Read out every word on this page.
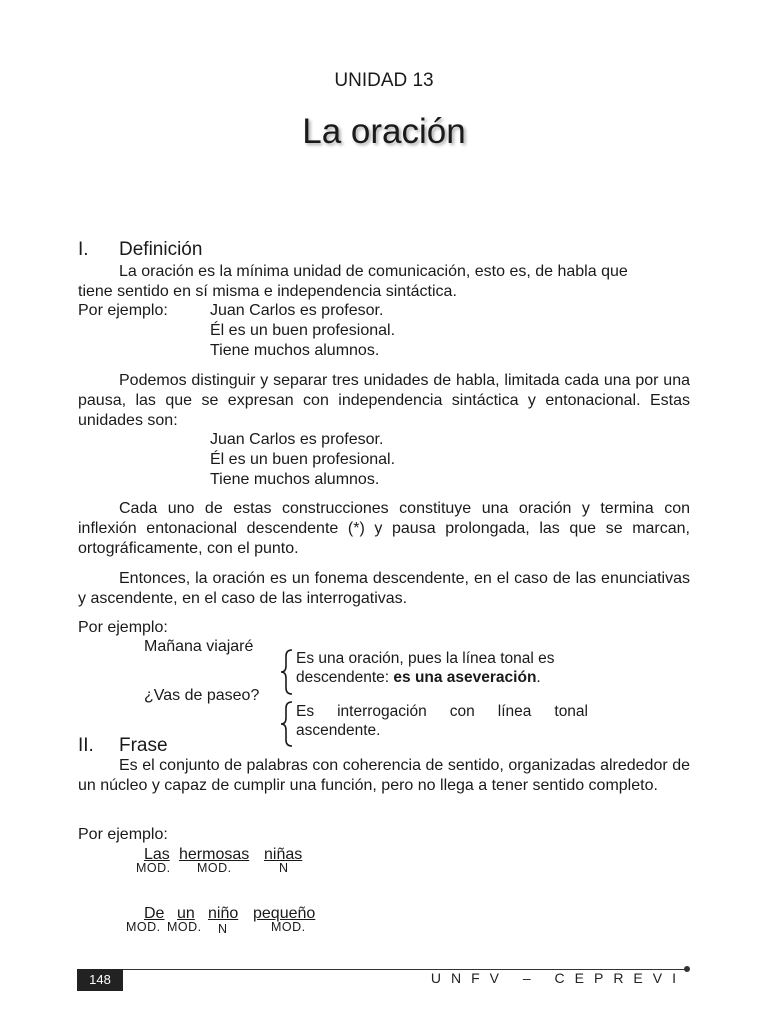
UNIDAD 13
La oración
I. Definición
La oración es la mínima unidad de comunicación, esto es, de habla que
tiene sentido en sí misma e independencia sintáctica.
Por ejemplo:	Juan Carlos es profesor.
Él es un buen profesional.
Tiene muchos alumnos.
Podemos distinguir y separar tres unidades de habla, limitada cada una por una pausa, las que se expresan con independencia sintáctica y entonacional. Estas unidades son:
Juan Carlos es profesor.
Él es un buen profesional.
Tiene muchos alumnos.
Cada uno de estas construcciones constituye una oración y termina con inflexión entonacional descendente (*) y pausa prolongada, las que se marcan, ortográficamente, con el punto.
Entonces, la oración es un fonema descendente, en el caso de las enunciativas y ascendente, en el caso de las interrogativas.
Por ejemplo:
Mañana viajaré
¿Vas de paseo?
Es una oración, pues la línea tonal es
descendente: es una aseveración.
Es interrogación con línea tonal
ascendente.
II. Frase
Es el conjunto de palabras con coherencia de sentido, organizadas alrededor de un núcleo y capaz de cumplir una función, pero no llega a tener sentido completo.
Por ejemplo:
Las hermosas niñas
MOD. MOD.	N
De un niño pequeño
MOD. MOD. N	MOD.
148	UNFV – CEPREVI
